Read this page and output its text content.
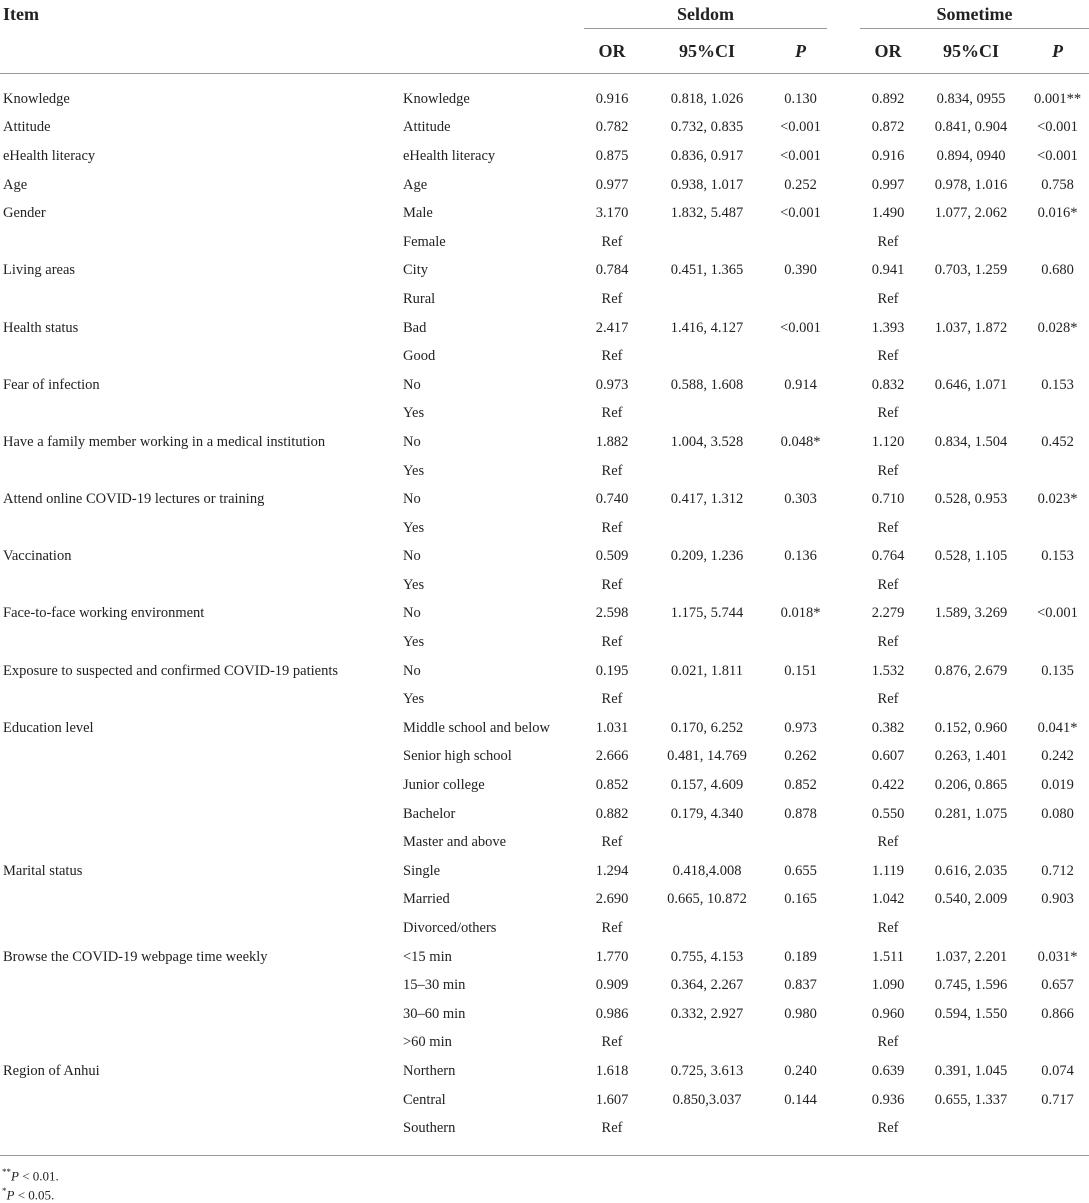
Item		Seldom				Sometime		
		OR	95%CI	P		OR	95%CI	P

Knowledge	Knowledge	0.916	0.818, 1.026	0.130		0.892	0.834, 0955	0.001**
Attitude	Attitude	0.782	0.732, 0.835	<0.001		0.872	0.841, 0.904	<0.001
eHealth literacy	eHealth literacy	0.875	0.836, 0.917	<0.001		0.916	0.894, 0940	<0.001
Age	Age	0.977	0.938, 1.017	0.252		0.997	0.978, 1.016	0.758
Gender	Male	3.170	1.832, 5.487	<0.001		1.490	1.077, 2.062	0.016*
	Female	Ref				Ref		
Living areas	City	0.784	0.451, 1.365	0.390		0.941	0.703, 1.259	0.680
	Rural	Ref				Ref		
Health status	Bad	2.417	1.416, 4.127	<0.001		1.393	1.037, 1.872	0.028*
	Good	Ref				Ref		
Fear of infection	No	0.973	0.588, 1.608	0.914		0.832	0.646, 1.071	0.153
	Yes	Ref				Ref		
Have a family member working in a medical institution	No	1.882	1.004, 3.528	0.048*		1.120	0.834, 1.504	0.452
	Yes	Ref				Ref		
Attend online COVID-19 lectures or training	No	0.740	0.417, 1.312	0.303		0.710	0.528, 0.953	0.023*
	Yes	Ref				Ref		
Vaccination	No	0.509	0.209, 1.236	0.136		0.764	0.528, 1.105	0.153
	Yes	Ref				Ref		
Face-to-face working environment	No	2.598	1.175, 5.744	0.018*		2.279	1.589, 3.269	<0.001
	Yes	Ref				Ref		
Exposure to suspected and confirmed COVID-19 patients	No	0.195	0.021, 1.811	0.151		1.532	0.876, 2.679	0.135
	Yes	Ref				Ref		
Education level	Middle school and below	1.031	0.170, 6.252	0.973		0.382	0.152, 0.960	0.041*
	Senior high school	2.666	0.481, 14.769	0.262		0.607	0.263, 1.401	0.242
	Junior college	0.852	0.157, 4.609	0.852		0.422	0.206, 0.865	0.019
	Bachelor	0.882	0.179, 4.340	0.878		0.550	0.281, 1.075	0.080
	Master and above	Ref				Ref		
Marital status	Single	1.294	0.418,4.008	0.655		1.119	0.616, 2.035	0.712
	Married	2.690	0.665, 10.872	0.165		1.042	0.540, 2.009	0.903
	Divorced/others	Ref				Ref		
Browse the COVID-19 webpage time weekly	<15 min	1.770	0.755, 4.153	0.189		1.511	1.037, 2.201	0.031*
	15–30 min	0.909	0.364, 2.267	0.837		1.090	0.745, 1.596	0.657
	30–60 min	0.986	0.332, 2.927	0.980		0.960	0.594, 1.550	0.866
	>60 min	Ref				Ref		
Region of Anhui	Northern	1.618	0.725, 3.613	0.240		0.639	0.391, 1.045	0.074
	Central	1.607	0.850,3.037	0.144		0.936	0.655, 1.337	0.717
	Southern	Ref				Ref		
**P < 0.01.
*P < 0.05.
